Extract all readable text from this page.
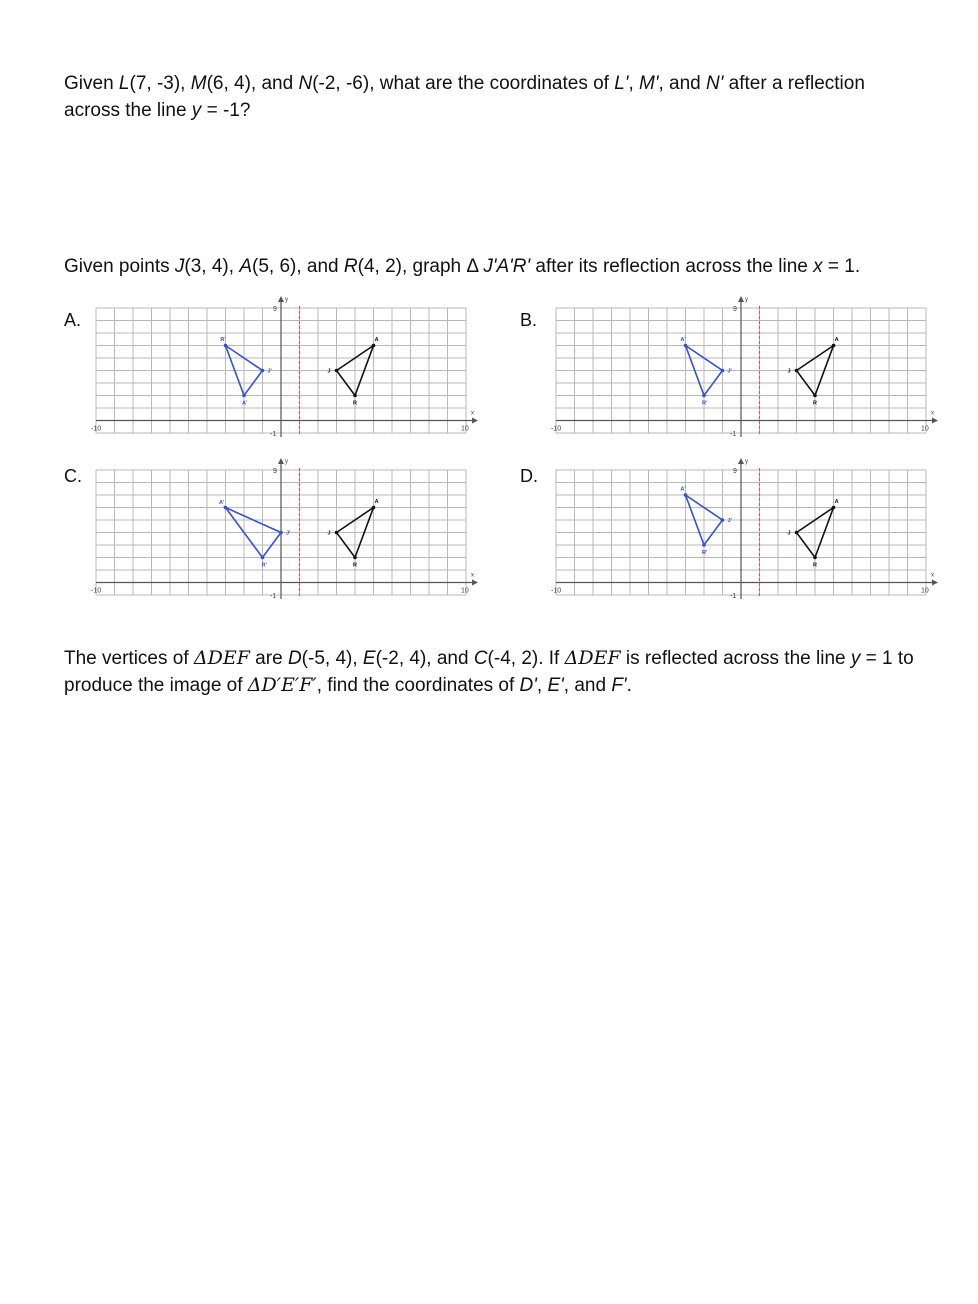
Given L(7, -3), M(6, 4), and N(-2, -6), what are the coordinates of L', M', and N' after a reflection across the line y = -1?

Given points J(3, 4), A(5, 6), and R(4, 2), graph Δ J'A'R' after its reflection across the line x = 1.

A.	B.
C.	D.
-10	10
-1
9
x
y
J
A
R
R'
J'
A'
-10	10
-1
9
x
y
J
A
R
A'
J'
R'
-10	10
-1
9
x
y
J
A
R
A'
J'
R'
-10	10
-1
9
x
y
J
A
R
A'
J'
R'

The vertices of ΔDEF are D(-5, 4), E(-2, 4), and C(-4, 2). If ΔDEF is reflected across the line y = 1 to produce the image of ΔD′E′F′, find the coordinates of D', E', and F'.
